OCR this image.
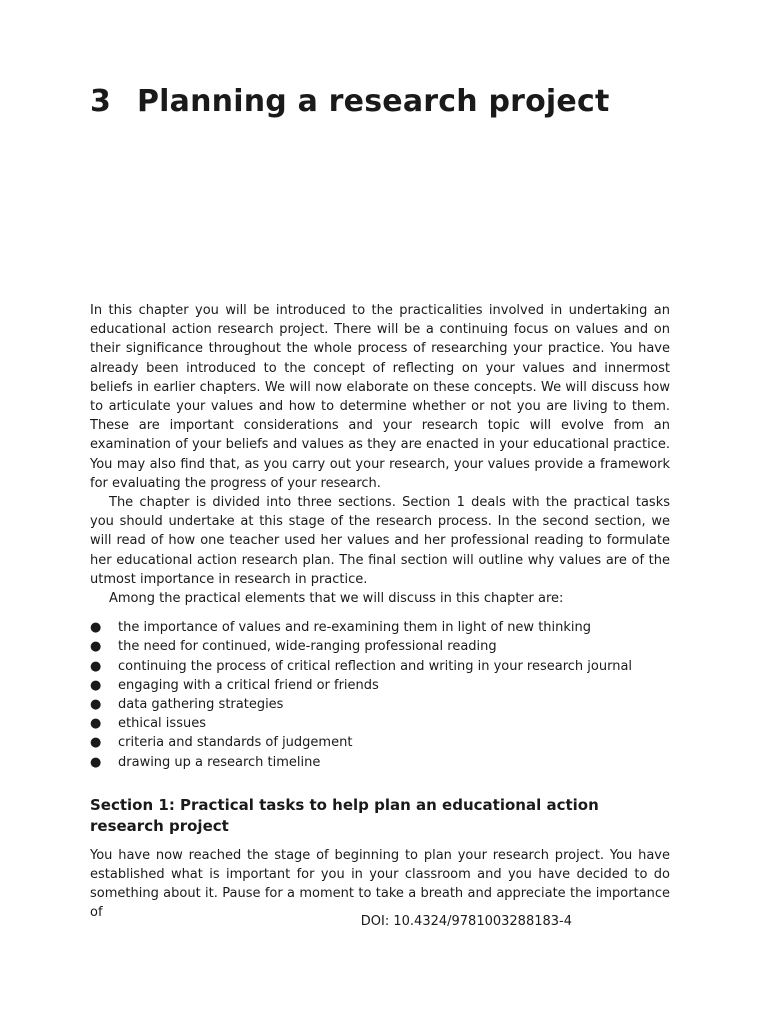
3 Planning a research project

In this chapter you will be introduced to the practicalities involved in undertaking an educational action research project. There will be a continuing focus on values and on their significance throughout the whole process of researching your practice. You have already been introduced to the concept of reflecting on your values and innermost beliefs in earlier chapters. We will now elaborate on these concepts. We will discuss how to articulate your values and how to determine whether or not you are living to them. These are important considerations and your research topic will evolve from an examination of your beliefs and values as they are enacted in your educational practice. You may also find that, as you carry out your research, your values provide a framework for evaluating the progress of your research.

The chapter is divided into three sections. Section 1 deals with the practical tasks you should undertake at this stage of the research process. In the second section, we will read of how one teacher used her values and her professional reading to formulate her educational action research plan. The final section will outline why values are of the utmost importance in research in practice.

Among the practical elements that we will discuss in this chapter are:

● the importance of values and re-examining them in light of new thinking
● the need for continued, wide-ranging professional reading
● continuing the process of critical reflection and writing in your research journal
● engaging with a critical friend or friends
● data gathering strategies
● ethical issues
● criteria and standards of judgement
● drawing up a research timeline
Section 1: Practical tasks to help plan an educational action research project

You have now reached the stage of beginning to plan your research project. You have established what is important for you in your classroom and you have decided to do something about it. Pause for a moment to take a breath and appreciate the importance of

DOI: 10.4324/9781003288183-4
